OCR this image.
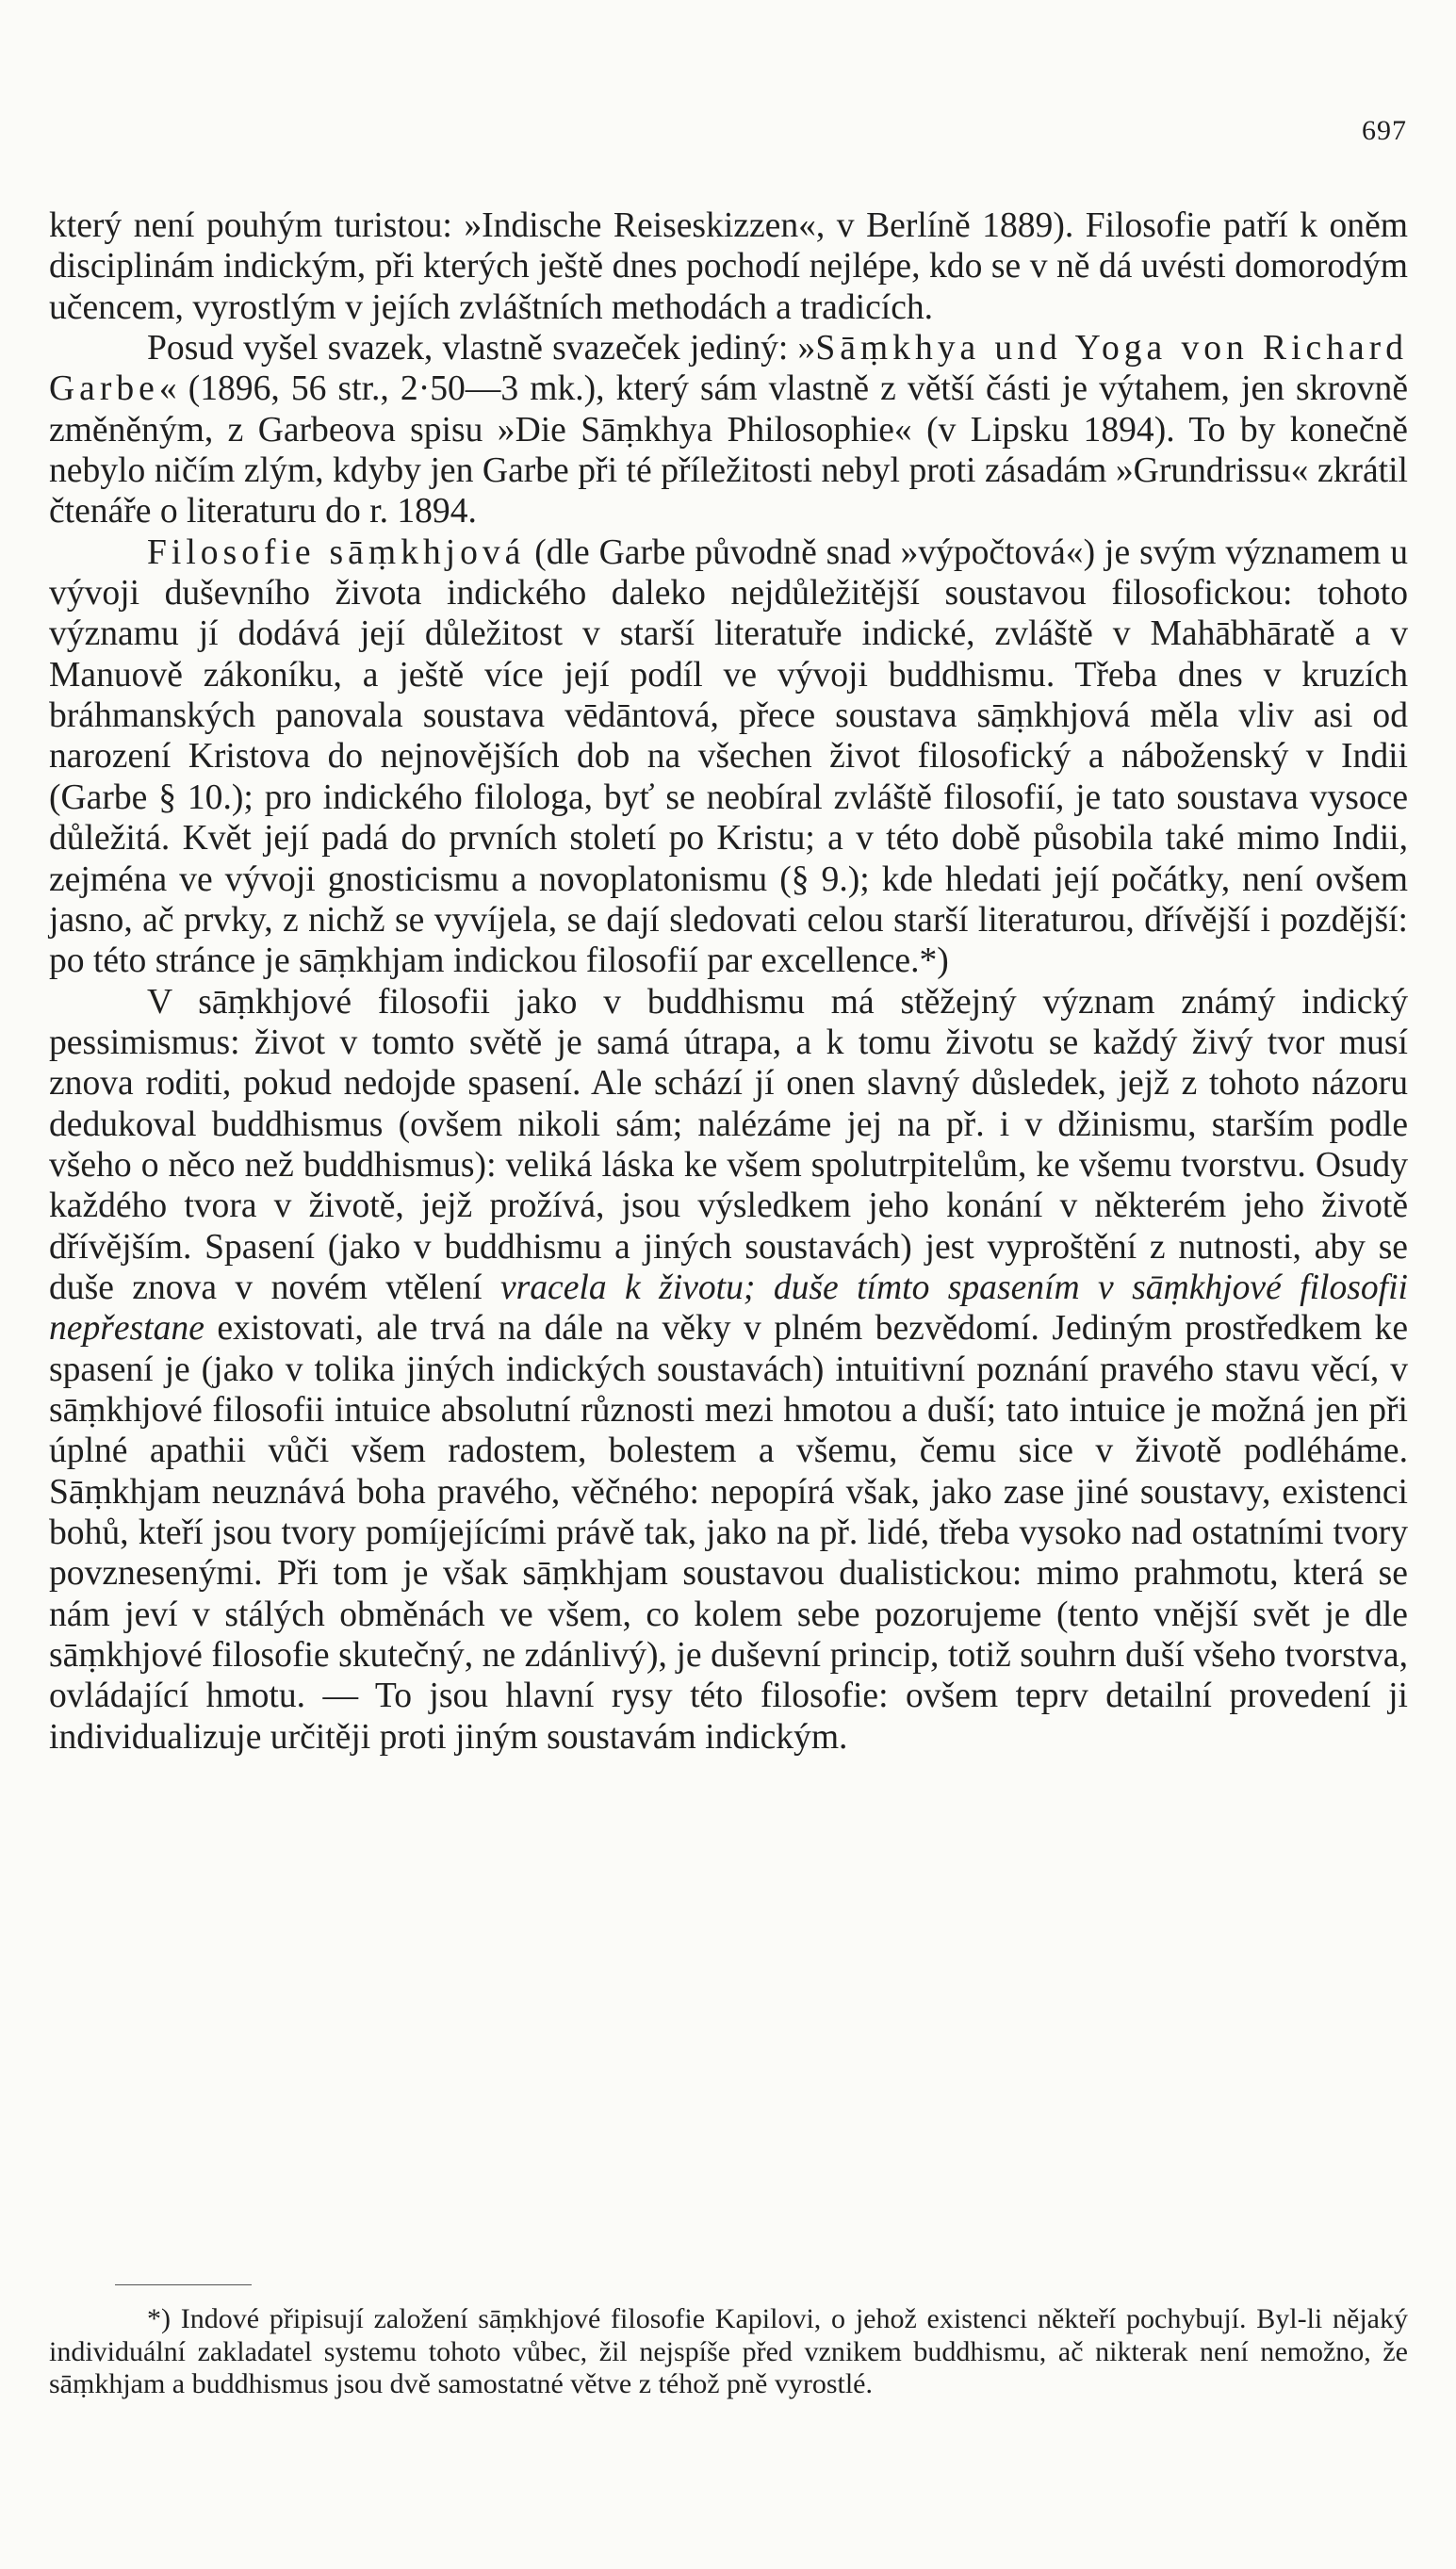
697

který není pouhým turistou: »Indische Reiseskizzen«, v Berlíně 1889). Filosofie patří k oněm disciplinám indickým, při kterých ještě dnes pochodí nejlépe, kdo se v ně dá uvésti domorodým učencem, vyrostlým v jejích zvláštních methodách a tradicích.

Posud vyšel svazek, vlastně svazeček jediný: »Sāṃkhya und Yoga von Richard Garbe« (1896, 56 str., 2·50—3 mk.), který sám vlastně z větší části je výtahem, jen skrovně změněným, z Garbeova spisu »Die Sāṃkhya Philosophie« (v Lipsku 1894). To by konečně nebylo ničím zlým, kdyby jen Garbe při té příležitosti nebyl proti zásadám »Grundrissu« zkrátil čtenáře o literaturu do r. 1894.

Filosofie sāṃkhjová (dle Garbe původně snad »výpočtová«) je svým významem u vývoji duševního života indického daleko nejdůležitější soustavou filosofickou: tohoto významu jí dodává její důležitost v starší literatuře indické, zvláště v Mahābhāratě a v Manuově zákoníku, a ještě více její podíl ve vývoji buddhismu. Třeba dnes v kruzích bráhmanských panovala soustava vēdāntová, přece soustava sāṃkhjová měla vliv asi od narození Kristova do nejnovějších dob na všechen život filosofický a náboženský v Indii (Garbe § 10.); pro indického filologa, byť se neobíral zvláště filosofií, je tato soustava vysoce důležitá. Květ její padá do prvních století po Kristu; a v této době působila také mimo Indii, zejména ve vývoji gnosticismu a novoplatonismu (§ 9.); kde hledati její počátky, není ovšem jasno, ač prvky, z nichž se vyvíjela, se dají sledovati celou starší literaturou, dřívější i pozdější: po této stránce je sāṃkhjam indickou filosofií par excellence.*)

V sāṃkhjové filosofii jako v buddhismu má stěžejný význam známý indický pessimismus: život v tomto světě je samá útrapa, a k tomu životu se každý živý tvor musí znova roditi, pokud nedojde spasení. Ale schází jí onen slavný důsledek, jejž z tohoto názoru dedukoval buddhismus (ovšem nikoli sám; nalézáme jej na př. i v džinismu, starším podle všeho o něco než buddhismus): veliká láska ke všem spolutrpitelům, ke všemu tvorstvu. Osudy každého tvora v životě, jejž prožívá, jsou výsledkem jeho konání v některém jeho životě dřívějším. Spasení (jako v buddhismu a jiných soustavách) jest vyproštění z nutnosti, aby se duše znova v novém vtělení vracela k životu; duše tímto spasením v sāṃkhjové filosofii nepřestane existovati, ale trvá na dále na věky v plném bezvědomí. Jediným prostředkem ke spasení je (jako v tolika jiných indických soustavách) intuitivní poznání pravého stavu věcí, v sāṃkhjové filosofii intuice absolutní různosti mezi hmotou a duší; tato intuice je možná jen při úplné apathii vůči všem radostem, bolestem a všemu, čemu sice v životě podléháme. Sāṃkhjam neuznává boha pravého, věčného: nepopírá však, jako zase jiné soustavy, existenci bohů, kteří jsou tvory pomíjejícími právě tak, jako na př. lidé, třeba vysoko nad ostatními tvory povznesenými. Při tom je však sāṃkhjam soustavou dualistickou: mimo prahmotu, která se nám jeví v stálých obměnách ve všem, co kolem sebe pozorujeme (tento vnější svět je dle sāṃkhjové filosofie skutečný, ne zdánlivý), je duševní princip, totiž souhrn duší všeho tvorstva, ovládající hmotu. — To jsou hlavní rysy této filosofie: ovšem teprv detailní provedení ji individualizuje určitěji proti jiným soustavám indickým.

*) Indové připisují založení sāṃkhjové filosofie Kapilovi, o jehož existenci někteří pochybují. Byl-li nějaký individuální zakladatel systemu tohoto vůbec, žil nejspíše před vznikem buddhismu, ač nikterak není nemožno, že sāṃkhjam a buddhismus jsou dvě samostatné větve z téhož pně vyrostlé.
